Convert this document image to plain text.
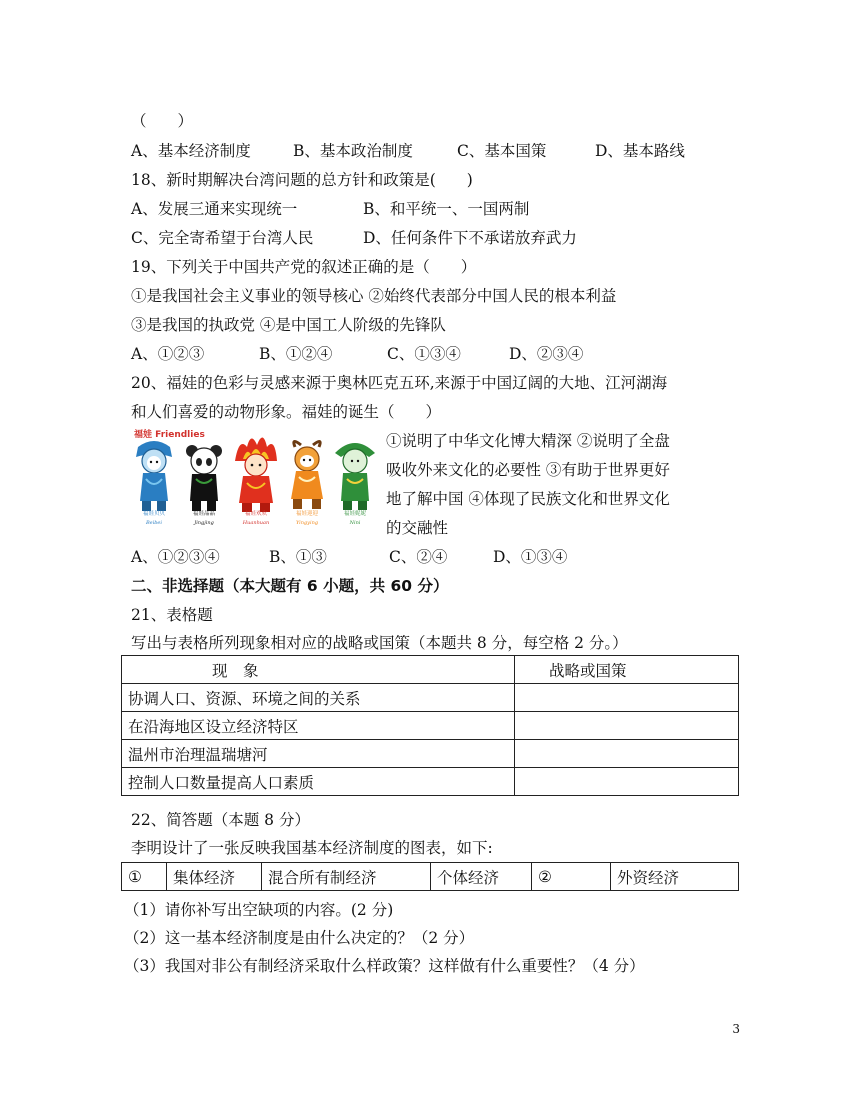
（　　）
A、基本经济制度	B、基本政治制度	C、基本国策	D、基本路线
18、新时期解决台湾问题的总方针和政策是(　　)
A、发展三通来实现统一	B、和平统一、一国两制
C、完全寄希望于台湾人民	D、任何条件下不承诺放弃武力
19、下列关于中国共产党的叙述正确的是（　　）
①是我国社会主义事业的领导核心 ②始终代表部分中国人民的根本利益
③是我国的执政党 ④是中国工人阶级的先锋队
A、①②③	B、①②④	C、①③④	D、②③④
20、福娃的色彩与灵感来源于奥林匹克五环,来源于中国辽阔的大地、江河湖海
和人们喜爱的动物形象。福娃的诞生（　　）
福娃 Friendlies
福娃贝贝	福娃晶晶	福娃欢欢	福娃迎迎	福娃妮妮
Beibei	Jingjing	Huanhuan	Yingying	Nini
①说明了中华文化博大精深 ②说明了全盘
吸收外来文化的必要性 ③有助于世界更好
地了解中国 ④体现了民族文化和世界文化
的交融性
A、①②③④	B、①③	C、②④	D、①③④
二、非选择题（本大题有 6 小题，共 60 分）
21、表格题
写出与表格所列现象相对应的战略或国策（本题共 8 分，每空格 2 分。）
现　象	战略或国策
协调人口、资源、环境之间的关系	
在沿海地区设立经济特区	
温州市治理温瑞塘河	
控制人口数量提高人口素质	
22、简答题（本题 8 分）
李明设计了一张反映我国基本经济制度的图表，如下:
①	集体经济	混合所有制经济	个体经济	②	外资经济
（1）请你补写出空缺项的内容。(2 分)
（2）这一基本经济制度是由什么决定的？（2 分）
（3）我国对非公有制经济采取什么样政策？这样做有什么重要性？（4 分）
3
